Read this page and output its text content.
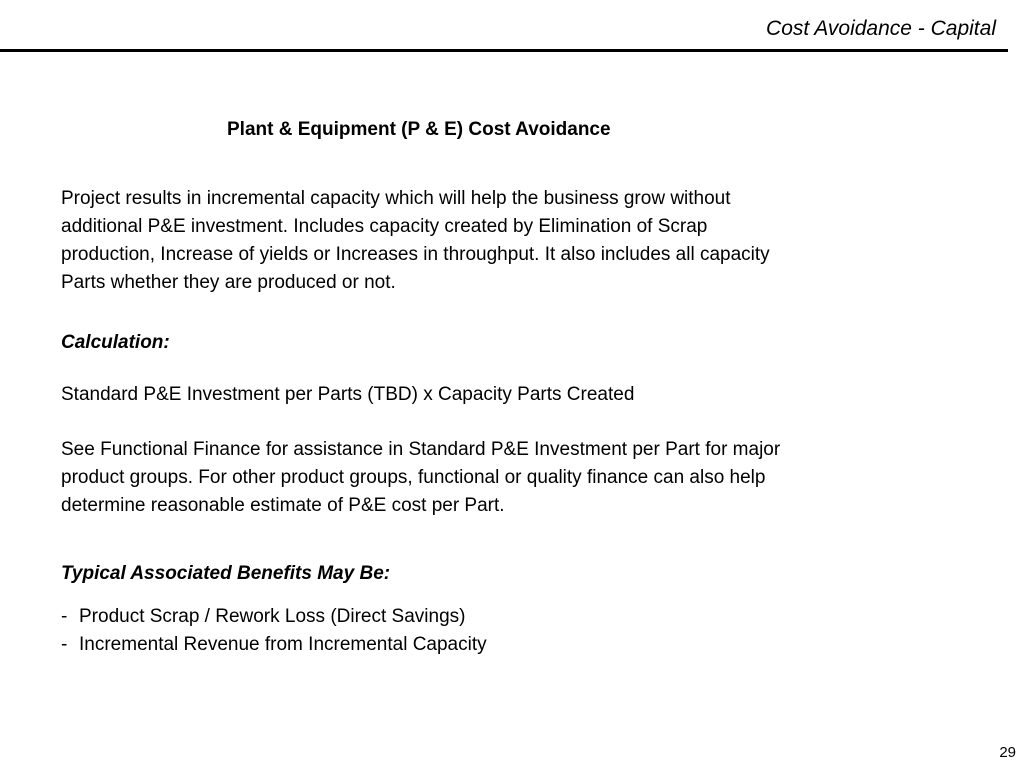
Cost Avoidance - Capital
Plant & Equipment (P & E) Cost Avoidance
Project results in incremental capacity which will help the business grow without
additional P&E investment. Includes capacity created by Elimination of Scrap
production, Increase of yields or Increases in throughput. It also includes all capacity
Parts whether they are produced or not.
Calculation:
Standard P&E Investment per Parts (TBD) x Capacity Parts Created
See Functional Finance for assistance in Standard P&E Investment per Part for major
product groups. For other product groups, functional or quality finance can also help
determine reasonable estimate of P&E cost per Part.
Typical Associated Benefits May Be:
- Product Scrap / Rework Loss (Direct Savings)
- Incremental Revenue from Incremental Capacity
29
